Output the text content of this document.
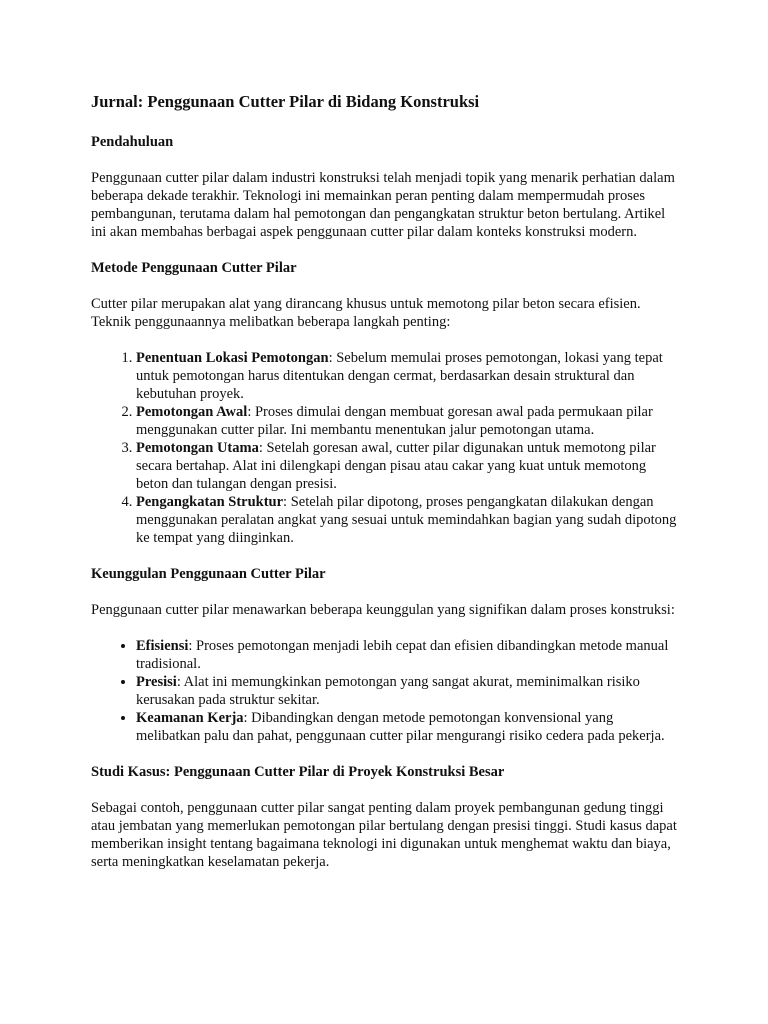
Jurnal: Penggunaan Cutter Pilar di Bidang Konstruksi
Pendahuluan

Penggunaan cutter pilar dalam industri konstruksi telah menjadi topik yang menarik perhatian dalam beberapa dekade terakhir. Teknologi ini memainkan peran penting dalam mempermudah proses pembangunan, terutama dalam hal pemotongan dan pengangkatan struktur beton bertulang. Artikel ini akan membahas berbagai aspek penggunaan cutter pilar dalam konteks konstruksi modern.

Metode Penggunaan Cutter Pilar

Cutter pilar merupakan alat yang dirancang khusus untuk memotong pilar beton secara efisien. Teknik penggunaannya melibatkan beberapa langkah penting:

1. Penentuan Lokasi Pemotongan: Sebelum memulai proses pemotongan, lokasi yang tepat untuk pemotongan harus ditentukan dengan cermat, berdasarkan desain struktural dan kebutuhan proyek.
2. Pemotongan Awal: Proses dimulai dengan membuat goresan awal pada permukaan pilar menggunakan cutter pilar. Ini membantu menentukan jalur pemotongan utama.
3. Pemotongan Utama: Setelah goresan awal, cutter pilar digunakan untuk memotong pilar secara bertahap. Alat ini dilengkapi dengan pisau atau cakar yang kuat untuk memotong beton dan tulangan dengan presisi.
4. Pengangkatan Struktur: Setelah pilar dipotong, proses pengangkatan dilakukan dengan menggunakan peralatan angkat yang sesuai untuk memindahkan bagian yang sudah dipotong ke tempat yang diinginkan.
Keunggulan Penggunaan Cutter Pilar

Penggunaan cutter pilar menawarkan beberapa keunggulan yang signifikan dalam proses konstruksi:

• Efisiensi: Proses pemotongan menjadi lebih cepat dan efisien dibandingkan metode manual tradisional.
• Presisi: Alat ini memungkinkan pemotongan yang sangat akurat, meminimalkan risiko kerusakan pada struktur sekitar.
• Keamanan Kerja: Dibandingkan dengan metode pemotongan konvensional yang melibatkan palu dan pahat, penggunaan cutter pilar mengurangi risiko cedera pada pekerja.
Studi Kasus: Penggunaan Cutter Pilar di Proyek Konstruksi Besar

Sebagai contoh, penggunaan cutter pilar sangat penting dalam proyek pembangunan gedung tinggi atau jembatan yang memerlukan pemotongan pilar bertulang dengan presisi tinggi. Studi kasus dapat memberikan insight tentang bagaimana teknologi ini digunakan untuk menghemat waktu dan biaya, serta meningkatkan keselamatan pekerja.
